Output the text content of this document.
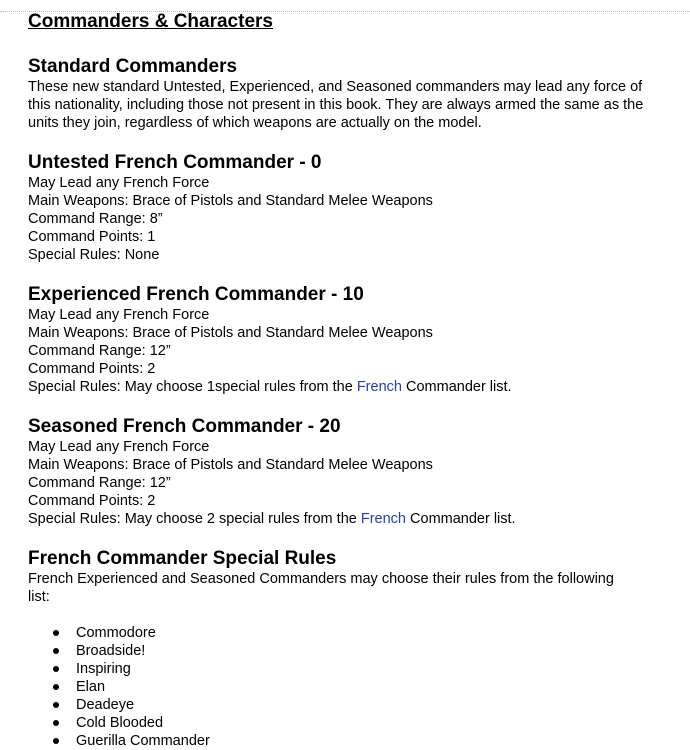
Commanders & Characters
Standard Commanders

These new standard Untested, Experienced, and Seasoned commanders may lead any force of this nationality, including those not present in this book. They are always armed the same as the units they join, regardless of which weapons are actually on the model.

Untested French Commander - 0
May Lead any French Force
Main Weapons: Brace of Pistols and Standard Melee Weapons
Command Range: 8”
Command Points: 1
Special Rules: None
Experienced French Commander - 10
May Lead any French Force
Main Weapons: Brace of Pistols and Standard Melee Weapons
Command Range: 12”
Command Points: 2
Special Rules: May choose 1special rules from the French Commander list.
Seasoned French Commander - 20
May Lead any French Force
Main Weapons: Brace of Pistols and Standard Melee Weapons
Command Range: 12”
Command Points: 2
Special Rules: May choose 2 special rules from the French Commander list.
French Commander Special Rules

French Experienced and Seasoned Commanders may choose their rules from the following list:

Commodore
Broadside!
Inspiring
Elan
Deadeye
Cold Blooded
Guerilla Commander
